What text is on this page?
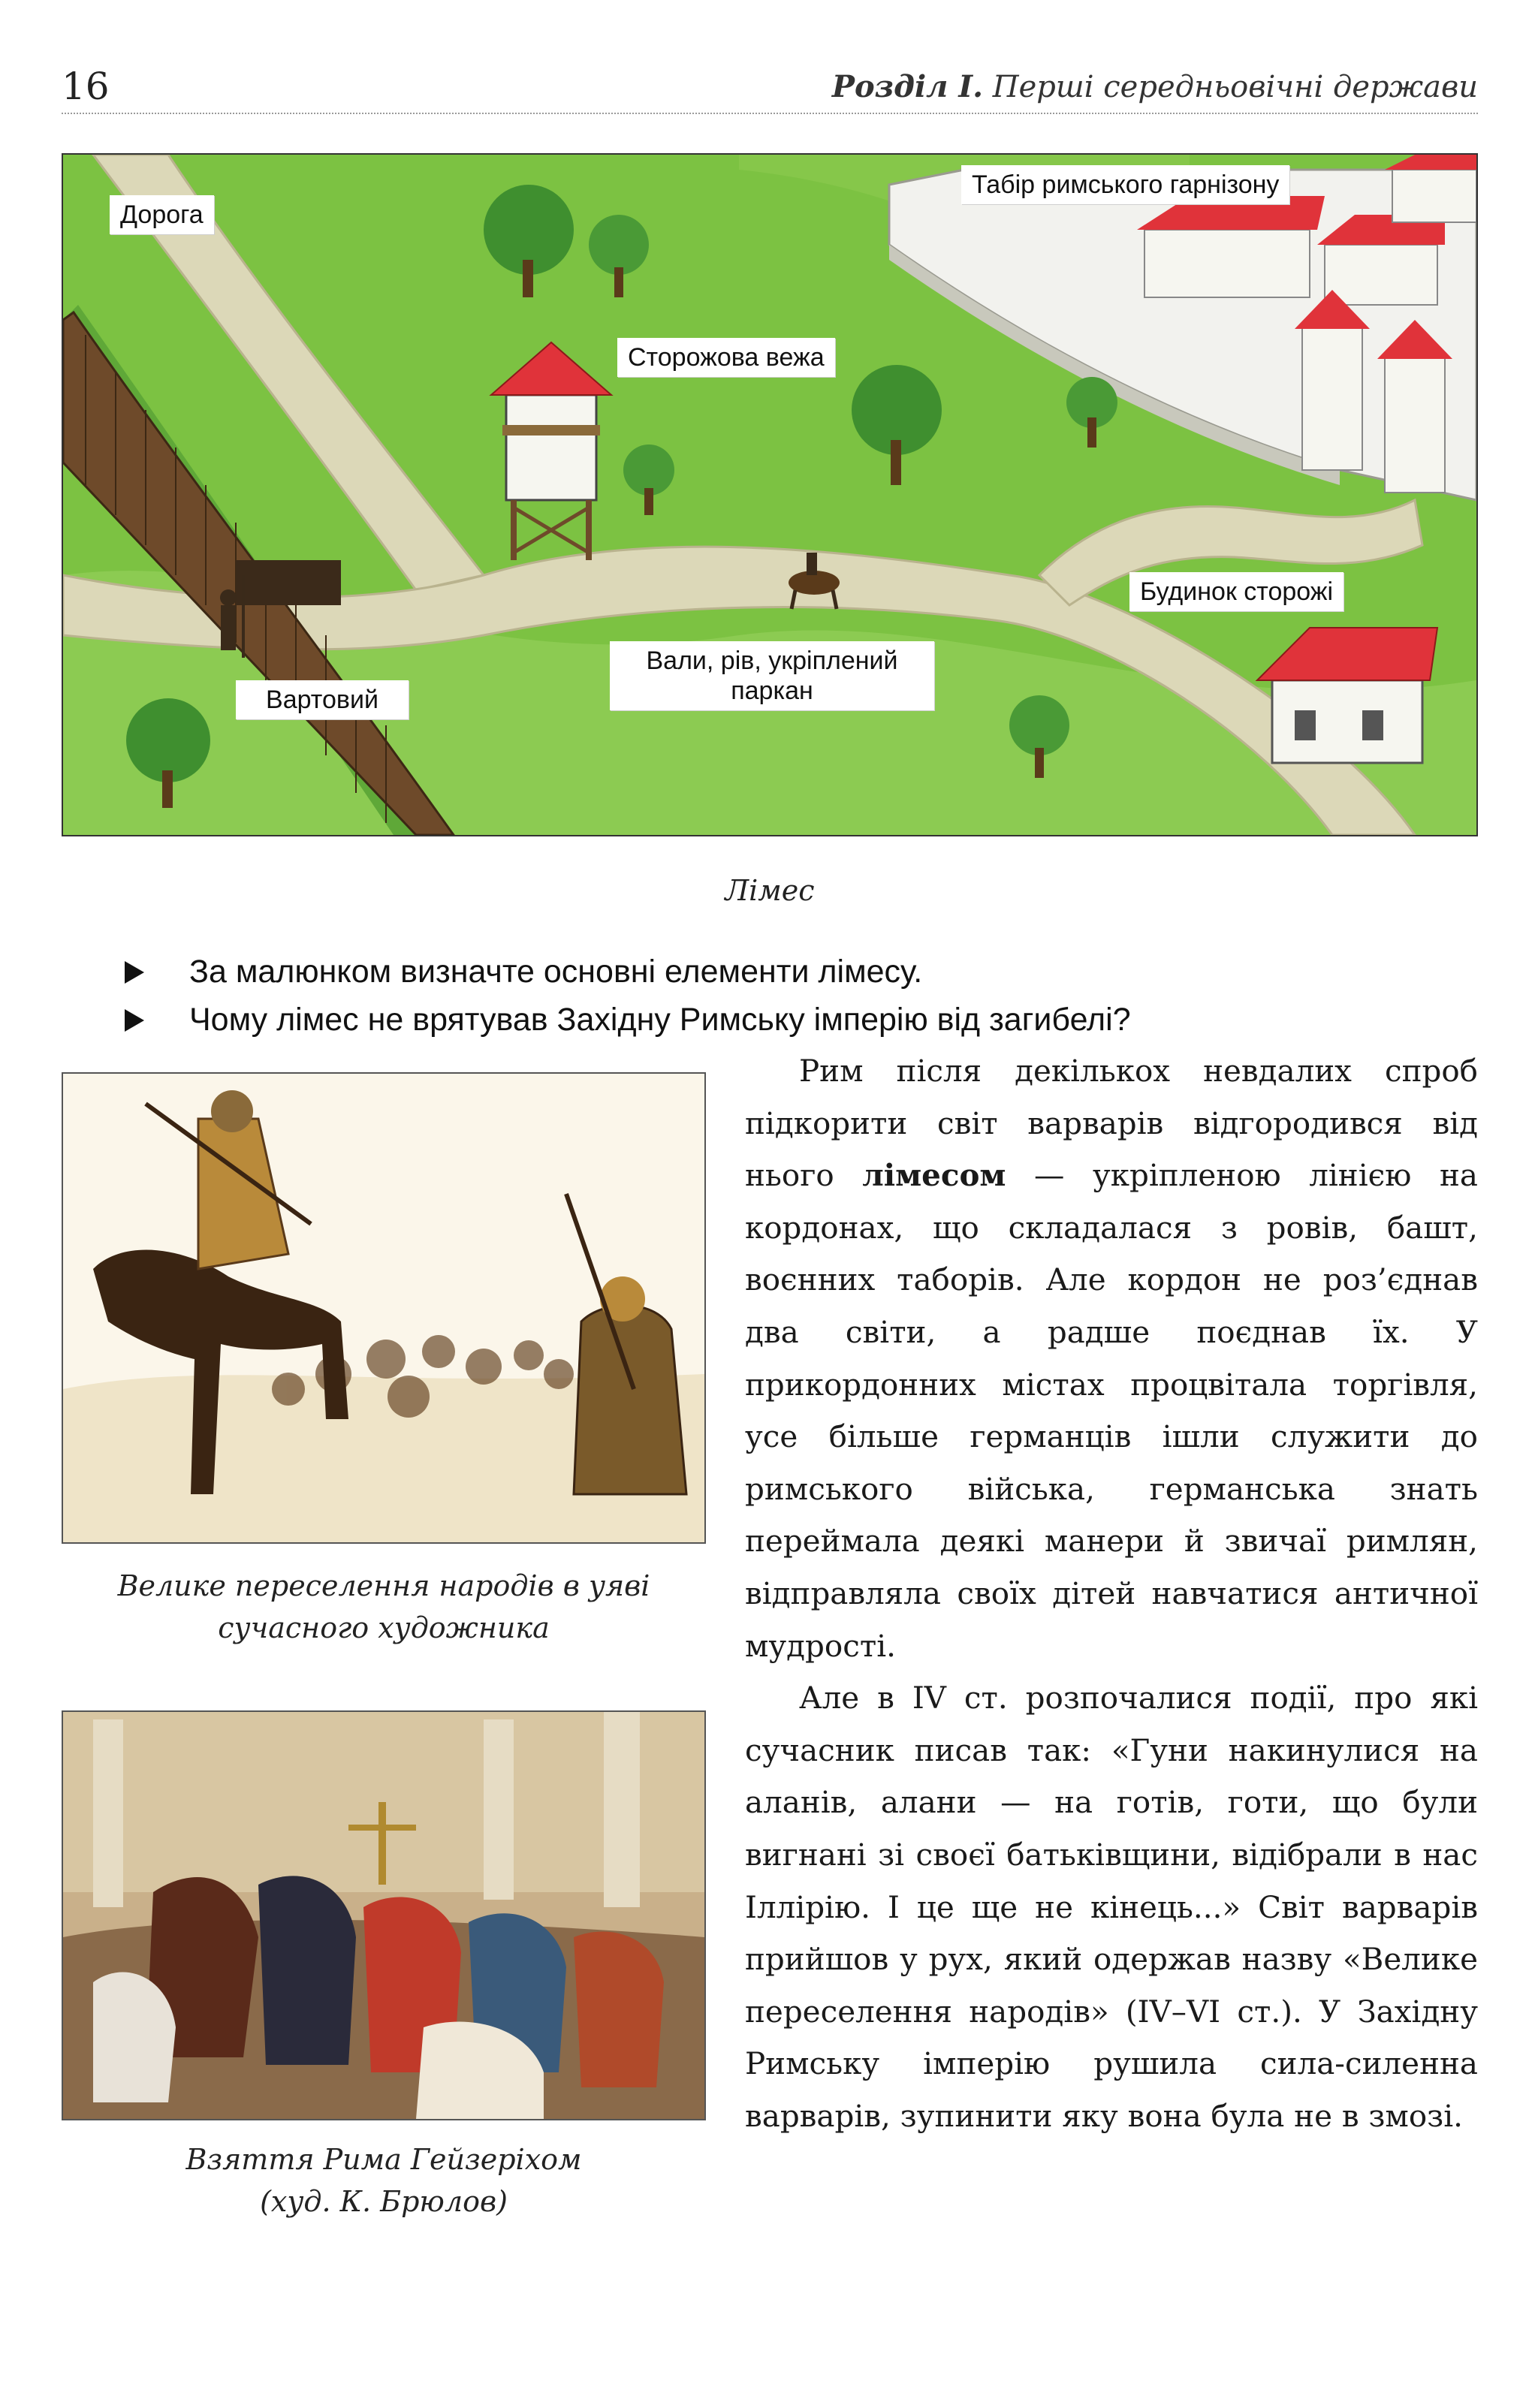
16	Розділ І. Перші середньовічні держави
Дорога
Табір римського гарнізону
Сторожова вежа
Будинок сторожі
Вали, рів, укріплений
паркан
Вартовий
Лімес
За малюнком визначте основні елементи лімесу.
Чому лімес не врятував Західну Римську імперію від загибелі?
Велике переселення народів в уяві
сучасного художника
Взяття Рима Гейзеріхом
(худ. К. Брюлов)

Рим після декількох невдалих спроб підкорити світ варварів відгородився від нього лімесом — укріпленою лінією на кордонах, що складалася з ровів, башт, воєнних таборів. Але кордон не роз’єднав два світи, а радше поєднав їх. У прикордонних містах процвітала торгівля, усе більше германців ішли служити до римського війська, германська знать переймала деякі манери й звичаї римлян, відправляла своїх дітей навчатися античної мудрості.

Але в IV ст. розпочалися події, про які сучасник писав так: «Гуни накинулися на аланів, алани — на готів, готи, що були вигнані зі своєї батьківщини, відібрали в нас Іллірію. І це ще не кінець...» Світ варварів прийшов у рух, який одержав назву «Велике переселення народів» (IV–VI ст.). У Західну Римську імперію рушила сила-силенна варварів, зупинити яку вона була не в змозі.
